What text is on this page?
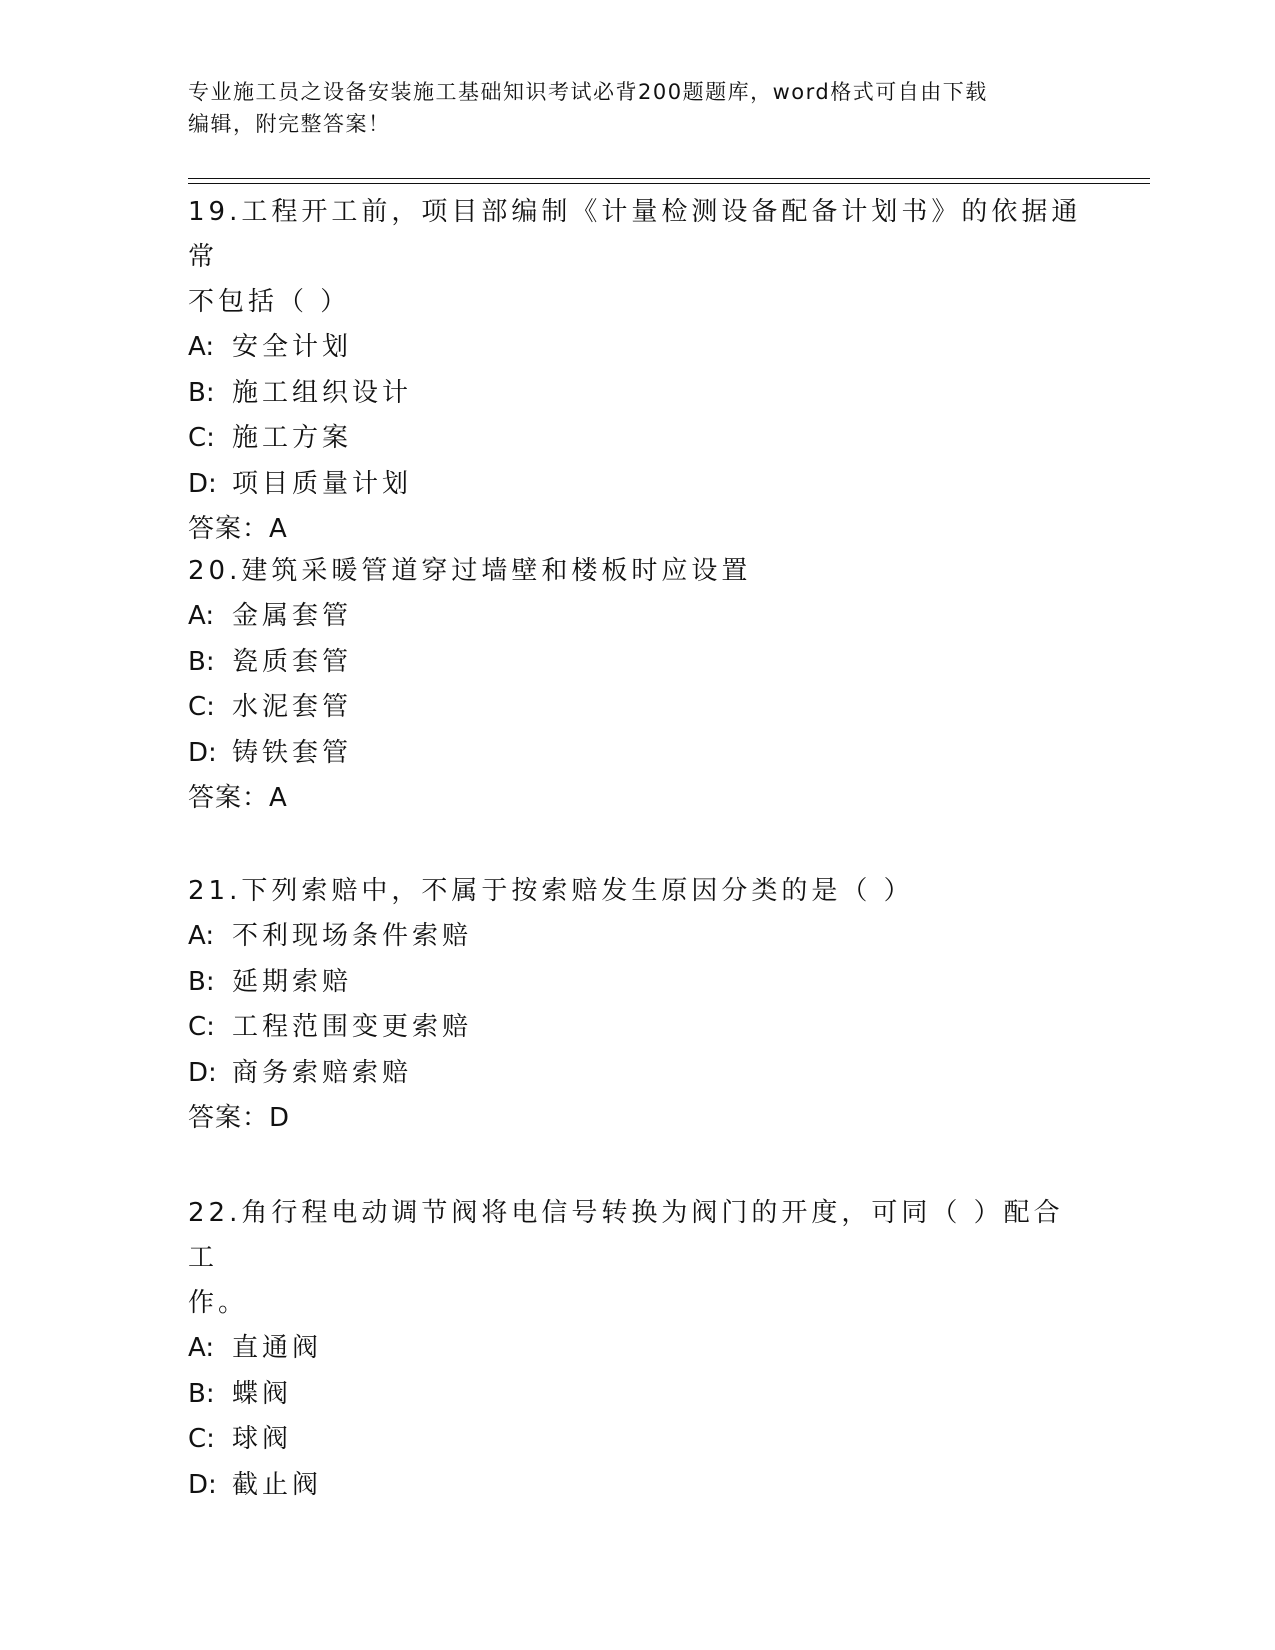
专业施工员之设备安装施工基础知识考试必背200题题库，word格式可自由下载

编辑，附完整答案！

19.工程开工前，项目部编制《计量检测设备配备计划书》的依据通常

不包括（ ）

A: 安全计划

B: 施工组织设计

C: 施工方案

D: 项目质量计划

答案：A

20.建筑采暖管道穿过墙壁和楼板时应设置

A: 金属套管

B: 瓷质套管

C: 水泥套管

D: 铸铁套管

答案：A

21.下列索赔中，不属于按索赔发生原因分类的是（ ）

A: 不利现场条件索赔

B: 延期索赔

C: 工程范围变更索赔

D: 商务索赔索赔

答案：D

22.角行程电动调节阀将电信号转换为阀门的开度，可同（ ）配合工

作。

A: 直通阀

B: 蝶阀

C: 球阀

D: 截止阀
